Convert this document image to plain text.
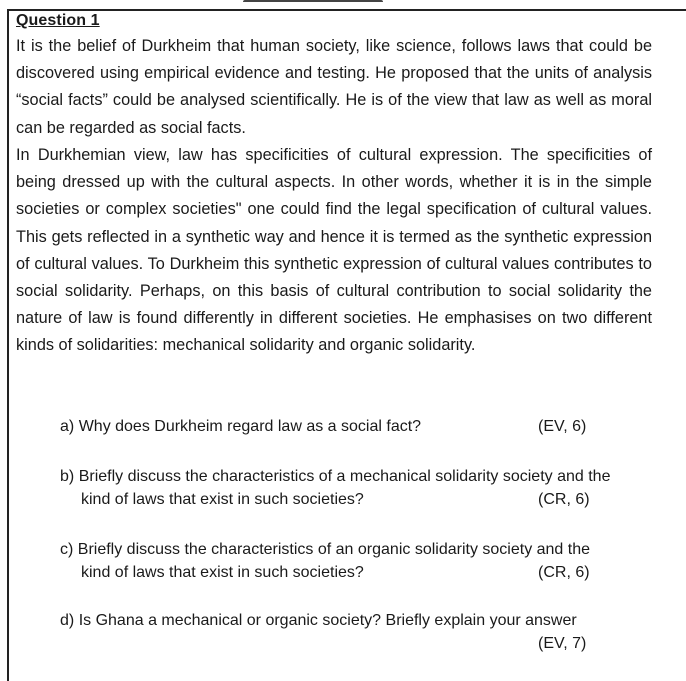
Question 1
It is the belief of Durkheim that human society, like science, follows laws that could be discovered using empirical evidence and testing. He proposed that the units of analysis “social facts” could be analysed scientifically. He is of the view that law as well as moral can be regarded as social facts.
In Durkhemian view, law has specificities of cultural expression. The specificities of being dressed up with the cultural aspects. In other words, whether it is in the simple societies or complex societies" one could find the legal specification of cultural values. This gets reflected in a synthetic way and hence it is termed as the synthetic expression of cultural values. To Durkheim this synthetic expression of cultural values contributes to social solidarity. Perhaps, on this basis of cultural contribution to social solidarity the nature of law is found differently in different societies. He emphasises on two different kinds of solidarities: mechanical solidarity and organic solidarity.
a) Why does Durkheim regard law as a social fact?	(EV, 6)
b) Briefly discuss the characteristics of a mechanical solidarity society and the
kind of laws that exist in such societies?	(CR, 6)
c) Briefly discuss the characteristics of an organic solidarity society and the
kind of laws that exist in such societies?	(CR, 6)
d) Is Ghana a mechanical or organic society? Briefly explain your answer
(EV, 7)
